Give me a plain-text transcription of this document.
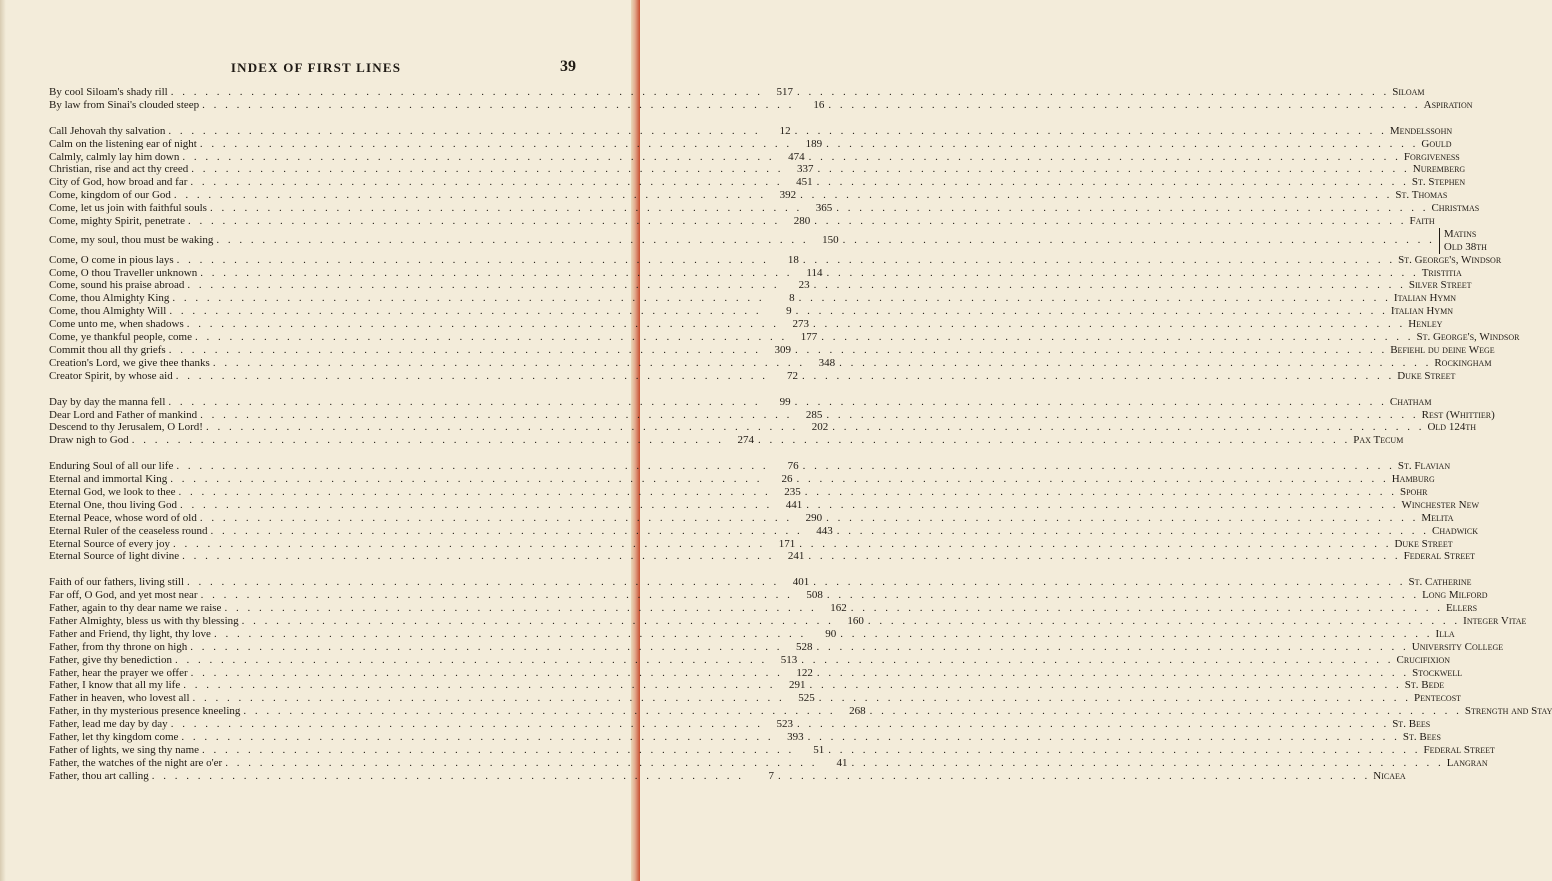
INDEX OF FIRST LINES	39
By cool Siloam's shady rill . . . . . . . . . . . . . . . . . . . . . . . . . . . . . . . . . . . . . . . . . . . . . . . . . . . .	517 . . . . . . . . . . . . . . . . . . . . . . . . . . . . . . . . . . . . . . . . . . . . . . . . . . . . Siloam
By law from Sinai's clouded steep . . . . . . . . . . . . . . . . . . . . . . . . . . . . . . . . . . . . . . . . . . . . . . . . . . . .	16 . . . . . . . . . . . . . . . . . . . . . . . . . . . . . . . . . . . . . . . . . . . . . . . . . . . . Aspiration
Call Jehovah thy salvation . . . . . . . . . . . . . . . . . . . . . . . . . . . . . . . . . . . . . . . . . . . . . . . . . . . .	12 . . . . . . . . . . . . . . . . . . . . . . . . . . . . . . . . . . . . . . . . . . . . . . . . . . . . Mendelssohn
Calm on the listening ear of night . . . . . . . . . . . . . . . . . . . . . . . . . . . . . . . . . . . . . . . . . . . . . . . . . . . .	189 . . . . . . . . . . . . . . . . . . . . . . . . . . . . . . . . . . . . . . . . . . . . . . . . . . . . Gould
Calmly, calmly lay him down . . . . . . . . . . . . . . . . . . . . . . . . . . . . . . . . . . . . . . . . . . . . . . . . . . . .	474 . . . . . . . . . . . . . . . . . . . . . . . . . . . . . . . . . . . . . . . . . . . . . . . . . . . . Forgiveness
Christian, rise and act thy creed . . . . . . . . . . . . . . . . . . . . . . . . . . . . . . . . . . . . . . . . . . . . . . . . . . . .	337 . . . . . . . . . . . . . . . . . . . . . . . . . . . . . . . . . . . . . . . . . . . . . . . . . . . . Nuremberg
City of God, how broad and far . . . . . . . . . . . . . . . . . . . . . . . . . . . . . . . . . . . . . . . . . . . . . . . . . . . .	451 . . . . . . . . . . . . . . . . . . . . . . . . . . . . . . . . . . . . . . . . . . . . . . . . . . . . St. Stephen
Come, kingdom of our God . . . . . . . . . . . . . . . . . . . . . . . . . . . . . . . . . . . . . . . . . . . . . . . . . . . .	392 . . . . . . . . . . . . . . . . . . . . . . . . . . . . . . . . . . . . . . . . . . . . . . . . . . . . St. Thomas
Come, let us join with faithful souls . . . . . . . . . . . . . . . . . . . . . . . . . . . . . . . . . . . . . . . . . . . . . . . . . . . .	365 . . . . . . . . . . . . . . . . . . . . . . . . . . . . . . . . . . . . . . . . . . . . . . . . . . . . Christmas
Come, mighty Spirit, penetrate . . . . . . . . . . . . . . . . . . . . . . . . . . . . . . . . . . . . . . . . . . . . . . . . . . . .	280 . . . . . . . . . . . . . . . . . . . . . . . . . . . . . . . . . . . . . . . . . . . . . . . . . . . . Faith
Come, my soul, thou must be waking . . . . . . . . . . . . . . . . . . . . . . . . . . . . . . . . . . . . . . . . . . . . . . . . . . . .	150 . . . . . . . . . . . . . . . . . . . . . . . . . . . . . . . . . . . . . . . . . . . . . . . . . . . .
Matins
Old 38th
Come, O come in pious lays . . . . . . . . . . . . . . . . . . . . . . . . . . . . . . . . . . . . . . . . . . . . . . . . . . . .	18 . . . . . . . . . . . . . . . . . . . . . . . . . . . . . . . . . . . . . . . . . . . . . . . . . . . . St. George's, Windsor
Come, O thou Traveller unknown . . . . . . . . . . . . . . . . . . . . . . . . . . . . . . . . . . . . . . . . . . . . . . . . . . . .	114 . . . . . . . . . . . . . . . . . . . . . . . . . . . . . . . . . . . . . . . . . . . . . . . . . . . . Tristitia
Come, sound his praise abroad . . . . . . . . . . . . . . . . . . . . . . . . . . . . . . . . . . . . . . . . . . . . . . . . . . . .	23 . . . . . . . . . . . . . . . . . . . . . . . . . . . . . . . . . . . . . . . . . . . . . . . . . . . . Silver Street
Come, thou Almighty King . . . . . . . . . . . . . . . . . . . . . . . . . . . . . . . . . . . . . . . . . . . . . . . . . . . .	8 . . . . . . . . . . . . . . . . . . . . . . . . . . . . . . . . . . . . . . . . . . . . . . . . . . . . Italian Hymn
Come, thou Almighty Will . . . . . . . . . . . . . . . . . . . . . . . . . . . . . . . . . . . . . . . . . . . . . . . . . . . .	9 . . . . . . . . . . . . . . . . . . . . . . . . . . . . . . . . . . . . . . . . . . . . . . . . . . . . Italian Hymn
Come unto me, when shadows . . . . . . . . . . . . . . . . . . . . . . . . . . . . . . . . . . . . . . . . . . . . . . . . . . . .	273 . . . . . . . . . . . . . . . . . . . . . . . . . . . . . . . . . . . . . . . . . . . . . . . . . . . . Henley
Come, ye thankful people, come . . . . . . . . . . . . . . . . . . . . . . . . . . . . . . . . . . . . . . . . . . . . . . . . . . . .	177 . . . . . . . . . . . . . . . . . . . . . . . . . . . . . . . . . . . . . . . . . . . . . . . . . . . . St. George's, Windsor
Commit thou all thy griefs . . . . . . . . . . . . . . . . . . . . . . . . . . . . . . . . . . . . . . . . . . . . . . . . . . . .	309 . . . . . . . . . . . . . . . . . . . . . . . . . . . . . . . . . . . . . . . . . . . . . . . . . . . . Befiehl du deine Wege
Creation's Lord, we give thee thanks . . . . . . . . . . . . . . . . . . . . . . . . . . . . . . . . . . . . . . . . . . . . . . . . . . . .	348 . . . . . . . . . . . . . . . . . . . . . . . . . . . . . . . . . . . . . . . . . . . . . . . . . . . . Rockingham
Creator Spirit, by whose aid . . . . . . . . . . . . . . . . . . . . . . . . . . . . . . . . . . . . . . . . . . . . . . . . . . . .	72 . . . . . . . . . . . . . . . . . . . . . . . . . . . . . . . . . . . . . . . . . . . . . . . . . . . . Duke Street
Day by day the manna fell . . . . . . . . . . . . . . . . . . . . . . . . . . . . . . . . . . . . . . . . . . . . . . . . . . . .	99 . . . . . . . . . . . . . . . . . . . . . . . . . . . . . . . . . . . . . . . . . . . . . . . . . . . . Chatham
Dear Lord and Father of mankind . . . . . . . . . . . . . . . . . . . . . . . . . . . . . . . . . . . . . . . . . . . . . . . . . . . .	285 . . . . . . . . . . . . . . . . . . . . . . . . . . . . . . . . . . . . . . . . . . . . . . . . . . . . Rest (Whittier)
Descend to thy Jerusalem, O Lord! . . . . . . . . . . . . . . . . . . . . . . . . . . . . . . . . . . . . . . . . . . . . . . . . . . . .	202 . . . . . . . . . . . . . . . . . . . . . . . . . . . . . . . . . . . . . . . . . . . . . . . . . . . . Old 124th
Draw nigh to God . . . . . . . . . . . . . . . . . . . . . . . . . . . . . . . . . . . . . . . . . . . . . . . . . . . .	274 . . . . . . . . . . . . . . . . . . . . . . . . . . . . . . . . . . . . . . . . . . . . . . . . . . . . Pax Tecum
Enduring Soul of all our life . . . . . . . . . . . . . . . . . . . . . . . . . . . . . . . . . . . . . . . . . . . . . . . . . . . .	76 . . . . . . . . . . . . . . . . . . . . . . . . . . . . . . . . . . . . . . . . . . . . . . . . . . . . St. Flavian
Eternal and immortal King . . . . . . . . . . . . . . . . . . . . . . . . . . . . . . . . . . . . . . . . . . . . . . . . . . . .	26 . . . . . . . . . . . . . . . . . . . . . . . . . . . . . . . . . . . . . . . . . . . . . . . . . . . . Hamburg
Eternal God, we look to thee . . . . . . . . . . . . . . . . . . . . . . . . . . . . . . . . . . . . . . . . . . . . . . . . . . . .	235 . . . . . . . . . . . . . . . . . . . . . . . . . . . . . . . . . . . . . . . . . . . . . . . . . . . . Spohr
Eternal One, thou living God . . . . . . . . . . . . . . . . . . . . . . . . . . . . . . . . . . . . . . . . . . . . . . . . . . . .	441 . . . . . . . . . . . . . . . . . . . . . . . . . . . . . . . . . . . . . . . . . . . . . . . . . . . . Winchester New
Eternal Peace, whose word of old . . . . . . . . . . . . . . . . . . . . . . . . . . . . . . . . . . . . . . . . . . . . . . . . . . . .	290 . . . . . . . . . . . . . . . . . . . . . . . . . . . . . . . . . . . . . . . . . . . . . . . . . . . . Melita
Eternal Ruler of the ceaseless round . . . . . . . . . . . . . . . . . . . . . . . . . . . . . . . . . . . . . . . . . . . . . . . . . . . .	443 . . . . . . . . . . . . . . . . . . . . . . . . . . . . . . . . . . . . . . . . . . . . . . . . . . . . Chadwick
Eternal Source of every joy . . . . . . . . . . . . . . . . . . . . . . . . . . . . . . . . . . . . . . . . . . . . . . . . . . . .	171 . . . . . . . . . . . . . . . . . . . . . . . . . . . . . . . . . . . . . . . . . . . . . . . . . . . . Duke Street
Eternal Source of light divine . . . . . . . . . . . . . . . . . . . . . . . . . . . . . . . . . . . . . . . . . . . . . . . . . . . .	241 . . . . . . . . . . . . . . . . . . . . . . . . . . . . . . . . . . . . . . . . . . . . . . . . . . . . Federal Street
Faith of our fathers, living still . . . . . . . . . . . . . . . . . . . . . . . . . . . . . . . . . . . . . . . . . . . . . . . . . . . .	401 . . . . . . . . . . . . . . . . . . . . . . . . . . . . . . . . . . . . . . . . . . . . . . . . . . . . St. Catherine
Far off, O God, and yet most near . . . . . . . . . . . . . . . . . . . . . . . . . . . . . . . . . . . . . . . . . . . . . . . . . . . .	508 . . . . . . . . . . . . . . . . . . . . . . . . . . . . . . . . . . . . . . . . . . . . . . . . . . . . Long Milford
Father, again to thy dear name we raise . . . . . . . . . . . . . . . . . . . . . . . . . . . . . . . . . . . . . . . . . . . . . . . . . . . .	162 . . . . . . . . . . . . . . . . . . . . . . . . . . . . . . . . . . . . . . . . . . . . . . . . . . . . Ellers
Father Almighty, bless us with thy blessing . . . . . . . . . . . . . . . . . . . . . . . . . . . . . . . . . . . . . . . . . . . . . . . . . . . .	160 . . . . . . . . . . . . . . . . . . . . . . . . . . . . . . . . . . . . . . . . . . . . . . . . . . . . Integer Vitae
Father and Friend, thy light, thy love . . . . . . . . . . . . . . . . . . . . . . . . . . . . . . . . . . . . . . . . . . . . . . . . . . . .	90 . . . . . . . . . . . . . . . . . . . . . . . . . . . . . . . . . . . . . . . . . . . . . . . . . . . . Illa
Father, from thy throne on high . . . . . . . . . . . . . . . . . . . . . . . . . . . . . . . . . . . . . . . . . . . . . . . . . . . .	528 . . . . . . . . . . . . . . . . . . . . . . . . . . . . . . . . . . . . . . . . . . . . . . . . . . . . University College
Father, give thy benediction . . . . . . . . . . . . . . . . . . . . . . . . . . . . . . . . . . . . . . . . . . . . . . . . . . . .	513 . . . . . . . . . . . . . . . . . . . . . . . . . . . . . . . . . . . . . . . . . . . . . . . . . . . . Crucifixion
Father, hear the prayer we offer . . . . . . . . . . . . . . . . . . . . . . . . . . . . . . . . . . . . . . . . . . . . . . . . . . . .	122 . . . . . . . . . . . . . . . . . . . . . . . . . . . . . . . . . . . . . . . . . . . . . . . . . . . . Stockwell
Father, I know that all my life . . . . . . . . . . . . . . . . . . . . . . . . . . . . . . . . . . . . . . . . . . . . . . . . . . . .	291 . . . . . . . . . . . . . . . . . . . . . . . . . . . . . . . . . . . . . . . . . . . . . . . . . . . . St. Bede
Father in heaven, who lovest all . . . . . . . . . . . . . . . . . . . . . . . . . . . . . . . . . . . . . . . . . . . . . . . . . . . .	525 . . . . . . . . . . . . . . . . . . . . . . . . . . . . . . . . . . . . . . . . . . . . . . . . . . . . Pentecost
Father, in thy mysterious presence kneeling . . . . . . . . . . . . . . . . . . . . . . . . . . . . . . . . . . . . . . . . . . . . . . . . . . . .	268 . . . . . . . . . . . . . . . . . . . . . . . . . . . . . . . . . . . . . . . . . . . . . . . . . . . . Strength and Stay
Father, lead me day by day . . . . . . . . . . . . . . . . . . . . . . . . . . . . . . . . . . . . . . . . . . . . . . . . . . . .	523 . . . . . . . . . . . . . . . . . . . . . . . . . . . . . . . . . . . . . . . . . . . . . . . . . . . . St. Bees
Father, let thy kingdom come . . . . . . . . . . . . . . . . . . . . . . . . . . . . . . . . . . . . . . . . . . . . . . . . . . . .	393 . . . . . . . . . . . . . . . . . . . . . . . . . . . . . . . . . . . . . . . . . . . . . . . . . . . . St. Bees
Father of lights, we sing thy name . . . . . . . . . . . . . . . . . . . . . . . . . . . . . . . . . . . . . . . . . . . . . . . . . . . .	51 . . . . . . . . . . . . . . . . . . . . . . . . . . . . . . . . . . . . . . . . . . . . . . . . . . . . Federal Street
Father, the watches of the night are o'er . . . . . . . . . . . . . . . . . . . . . . . . . . . . . . . . . . . . . . . . . . . . . . . . . . . .	41 . . . . . . . . . . . . . . . . . . . . . . . . . . . . . . . . . . . . . . . . . . . . . . . . . . . . Langran
Father, thou art calling . . . . . . . . . . . . . . . . . . . . . . . . . . . . . . . . . . . . . . . . . . . . . . . . . . . .	7 . . . . . . . . . . . . . . . . . . . . . . . . . . . . . . . . . . . . . . . . . . . . . . . . . . . . Nicaea
